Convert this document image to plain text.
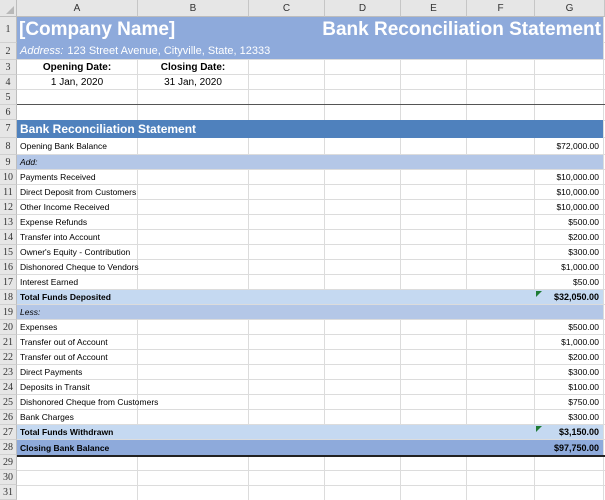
A	B	C	D	E	F	G
1
2
3
4
5
6
7
8
9
10
11
12
13
14
15
16
17
18
19
20
21
22
23
24
25
26
27
28
29
30
31
[Company Name]	Bank Reconciliation Statement
Address: 123 Street Avenue, Cityville, State, 12333
Opening Date:	Closing Date:
1 Jan, 2020	31 Jan, 2020
Bank Reconciliation Statement
Opening Bank Balance	$72,000.00
Add:
Payments Received	$10,000.00
Direct Deposit from Customers	$10,000.00
Other Income Received	$10,000.00
Expense Refunds	$500.00
Transfer into Account	$200.00
Owner's Equity - Contribution	$300.00
Dishonored Cheque to Vendors	$1,000.00
Interest Earned	$50.00
Total Funds Deposited	$32,050.00
Less:
Expenses	$500.00
Transfer out of Account	$1,000.00
Transfer out of Account	$200.00
Direct Payments	$300.00
Deposits in Transit	$100.00
Dishonored Cheque from Customers	$750.00
Bank Charges	$300.00
Total Funds Withdrawn	$3,150.00
Closing Bank Balance	$97,750.00
